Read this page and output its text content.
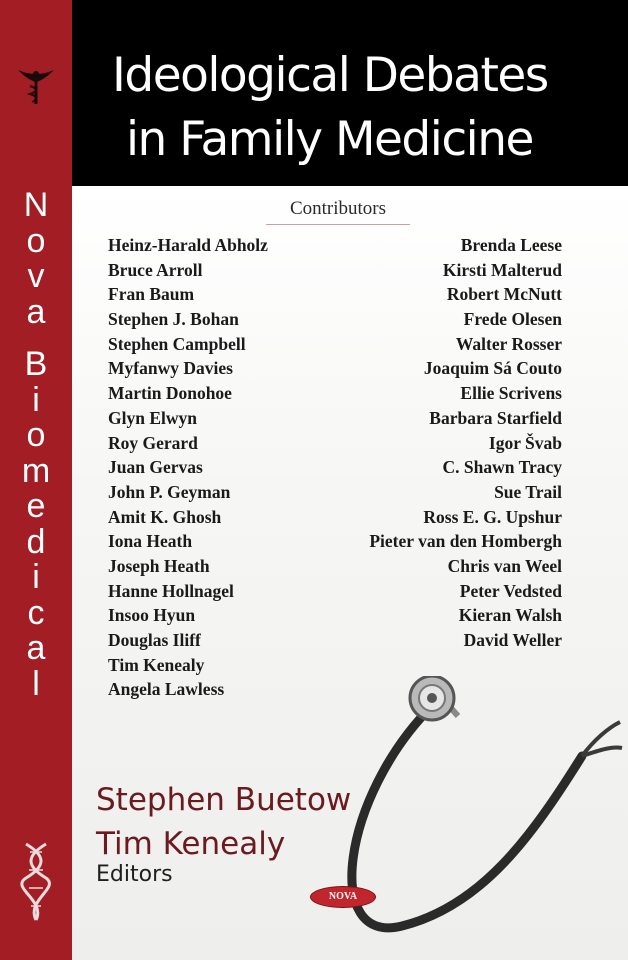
N
o
v
a
B
i
o
m
e
d
i
c
a
l
Ideological Debates
in Family Medicine
Contributors
Heinz-Harald Abholz
Bruce Arroll
Fran Baum
Stephen J. Bohan
Stephen Campbell
Myfanwy Davies
Martin Donohoe
Glyn Elwyn
Roy Gerard
Juan Gervas
John P. Geyman
Amit K. Ghosh
Iona Heath
Joseph Heath
Hanne Hollnagel
Insoo Hyun
Douglas Iliff
Tim Kenealy
Angela Lawless
Brenda Leese
Kirsti Malterud
Robert McNutt
Frede Olesen
Walter Rosser
Joaquim Sá Couto
Ellie Scrivens
Barbara Starfield
Igor Švab
C. Shawn Tracy
Sue Trail
Ross E. G. Upshur
Pieter van den Hombergh
Chris van Weel
Peter Vedsted
Kieran Walsh
David Weller
Stephen Buetow
Tim Kenealy
Editors
NOVA
